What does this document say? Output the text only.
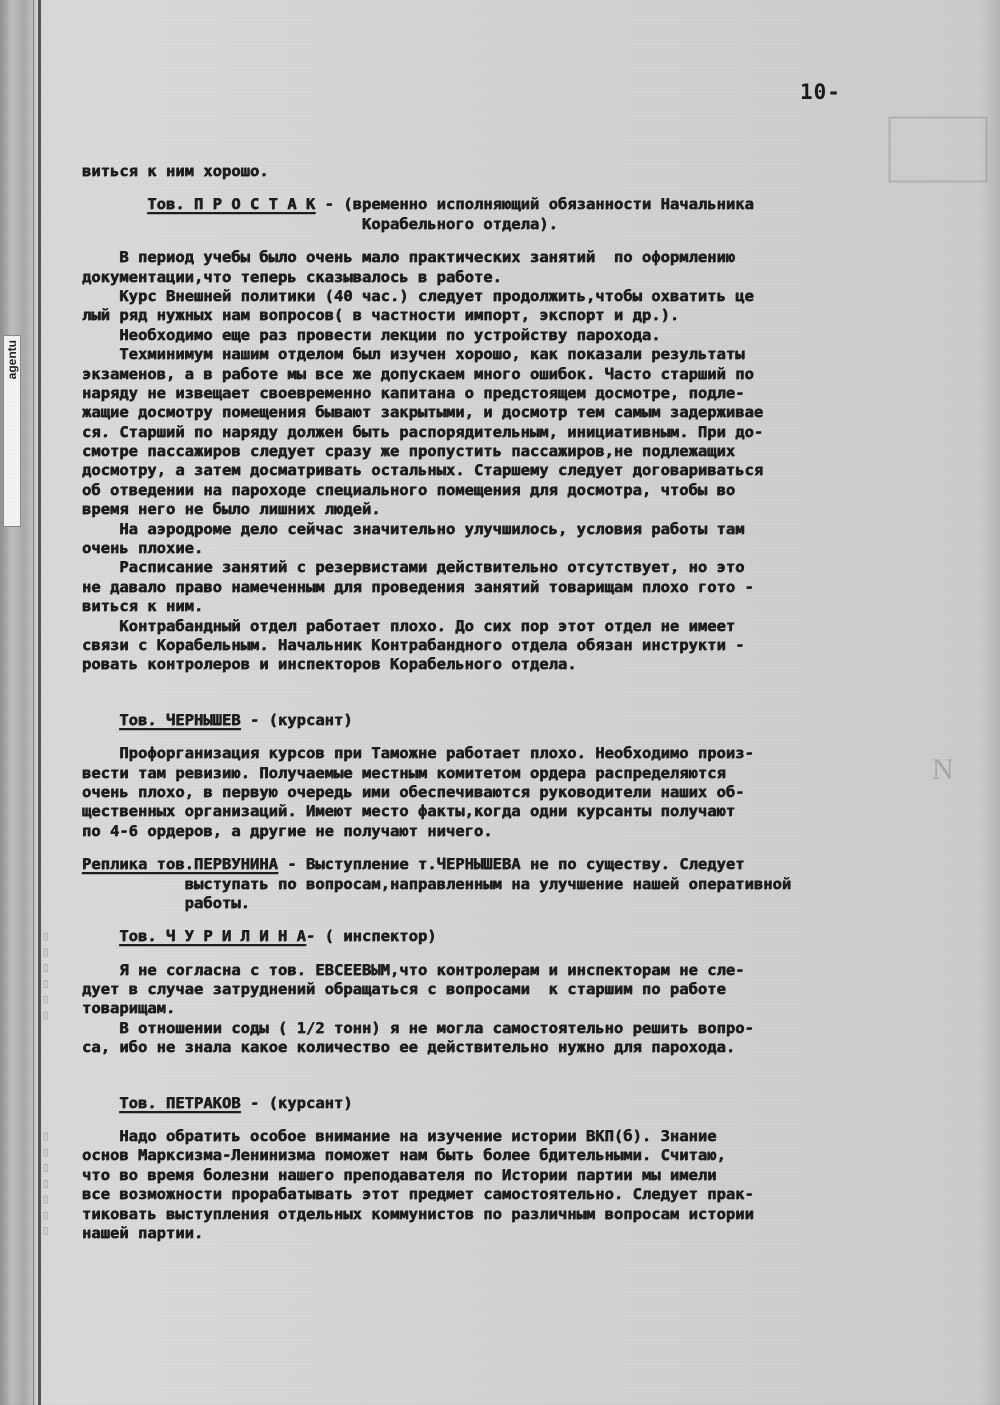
agentu
▯ ▯ ▯ ▯ ▯ ▯
▯ ▯ ▯ ▯ ▯ ▯ ▯
N
10-
виться к ним хорошо.
Тов. П Р О С Т А К - (временно исполняющий обязанности Начальника
Корабельного отдела).
В период учебы было очень мало практических занятий  по оформлению
документации,что теперь сказывалось в работе.
Курс Внешней политики (40 час.) следует продолжить,чтобы охватить це
лый ряд нужных нам вопросов( в частности импорт, экспорт и др.).
Необходимо еще раз провести лекции по устройству парохода.
Техминимум нашим отделом был изучен хорошо, как показали результаты
экзаменов, а в работе мы все же допускаем много ошибок. Часто старший по
наряду не извещает своевременно капитана о предстоящем досмотре, подле-
жащие досмотру помещения бывают закрытыми, и досмотр тем самым задерживае
ся. Старший по наряду должен быть распорядительным, инициативным. При до-
смотре пассажиров следует сразу же пропустить пассажиров,не подлежащих
досмотру, а затем досматривать остальных. Старшему следует договариваться
об отведении на пароходе специального помещения для досмотра, чтобы во
время него не было лишних людей.
На аэродроме дело сейчас значительно улучшилось, условия работы там
очень плохие.
Расписание занятий с резервистами действительно отсутствует, но это
не давало право намеченным для проведения занятий товарищам плохо гото -
виться к ним.
Контрабандный отдел работает плохо. До сих пор этот отдел не имеет
связи с Корабельным. Начальник Контрабандного отдела обязан инструкти -
ровать контролеров и инспекторов Корабельного отдела.
Тов. ЧЕРНЫШЕВ - (курсант)
Профорганизация курсов при Таможне работает плохо. Необходимо произ-
вести там ревизию. Получаемые местным комитетом ордера распределяются
очень плохо, в первую очередь ими обеспечиваются руководители наших об-
щественных организаций. Имеют место факты,когда одни курсанты получают
по 4-6 ордеров, а другие не получают ничего.
Реплика тов.ПЕРВУНИНА - Выступление т.ЧЕРНЫШЕВА не по существу. Следует
выступать по вопросам,направленным на улучшение нашей оперативной
работы.
Тов. Ч У Р И Л И Н А- ( инспектор)
Я не согласна с тов. ЕВСЕЕВЫМ,что контролерам и инспекторам не сле-
дует в случае затруднений обращаться с вопросами  к старшим по работе
товарищам.
В отношении соды ( 1/2 тонн) я не могла самостоятельно решить вопро-
са, ибо не знала какое количество ее действительно нужно для парохода.
Тов. ПЕТРАКОВ - (курсант)
Надо обратить особое внимание на изучение истории ВКП(б). Знание
основ Марксизма-Ленинизма поможет нам быть более бдительными. Считаю,
что во время болезни нашего преподавателя по Истории партии мы имели
все возможности прорабатывать этот предмет самостоятельно. Следует прак-
тиковать выступления отдельных коммунистов по различным вопросам истории
нашей партии.
